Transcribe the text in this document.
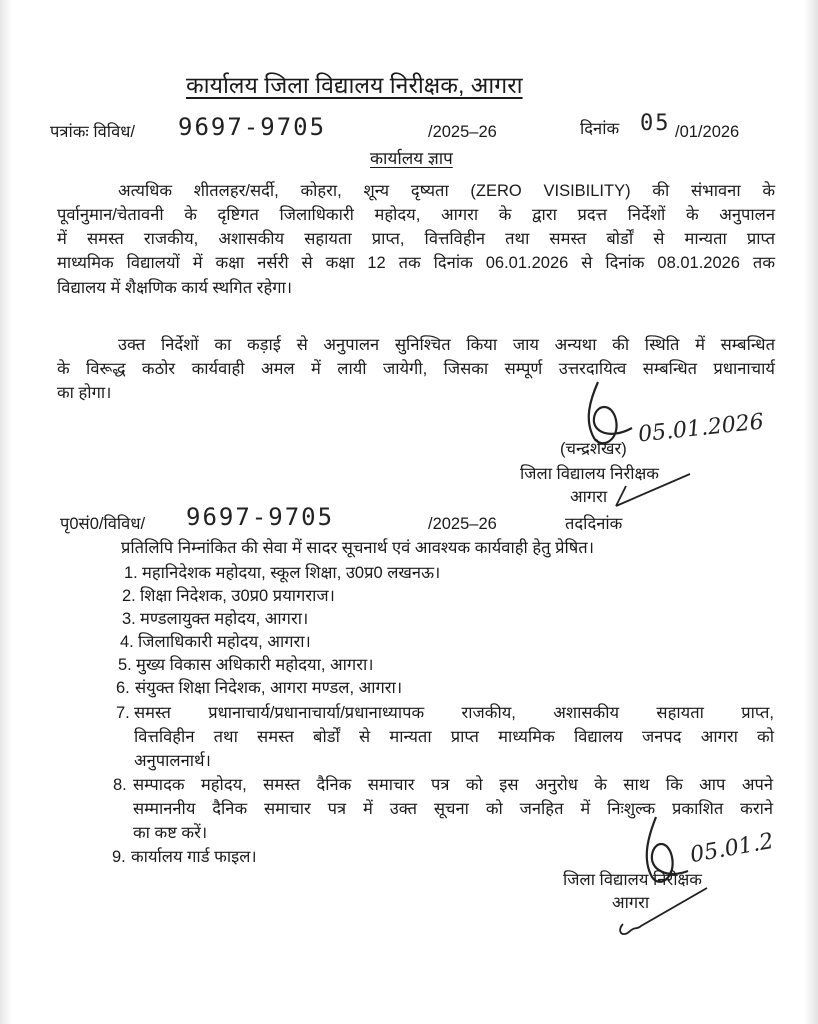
कार्यालय जिला विद्यालय निरीक्षक, आगरा
पत्रांकः विविध/ 9697-9705	/2025–26	दिनांक 05 /01/2026
कार्यालय ज्ञाप
अत्यधिक शीतलहर/सर्दी, कोहरा, शून्य दृष्यता (ZERO VISIBILITY) की संभावना के
पूर्वानुमान/चेतावनी के दृष्टिगत जिलाधिकारी महोदय, आगरा के द्वारा प्रदत्त निर्देशों के अनुपालन
में समस्त राजकीय, अशासकीय सहायता प्राप्त, वित्तविहीन तथा समस्त बोर्डों से मान्यता प्राप्त
माध्यमिक विद्यालयों में कक्षा नर्सरी से कक्षा 12 तक दिनांक 06.01.2026 से दिनांक 08.01.2026 तक
विद्यालय में शैक्षणिक कार्य स्थगित रहेगा।
उक्त निर्देशों का कड़ाई से अनुपालन सुनिश्चित किया जाय अन्यथा की स्थिति में सम्बन्धित
के विरूद्ध कठोर कार्यवाही अमल में लायी जायेगी, जिसका सम्पूर्ण उत्तरदायित्व सम्बन्धित प्रधानाचार्य
का होगा।
05.01.2026
(चन्द्रशेखर)
जिला विद्यालय निरीक्षक
आगरा
पृ0सं0/विविध/ 9697-9705	/2025–26	तददिनांक
प्रतिलिपि निम्नांकित की सेवा में सादर सूचनार्थ एवं आवश्यक कार्यवाही हेतु प्रेषित।
1. महानिदेशक महोदया, स्कूल शिक्षा, उ0प्र0 लखनऊ।
2. शिक्षा निदेशक, उ0प्र0 प्रयागराज।
3. मण्डलायुक्त महोदय, आगरा।
4. जिलाधिकारी महोदय, आगरा।
5. मुख्य विकास अधिकारी महोदया, आगरा।
6. संयुक्त शिक्षा निदेशक, आगरा मण्डल, आगरा।
7. समस्त प्रधानाचार्य/प्रधानाचार्या/प्रधानाध्यापक राजकीय, अशासकीय सहायता प्राप्त,
वित्तविहीन तथा समस्त बोर्डों से मान्यता प्राप्त माध्यमिक विद्यालय जनपद आगरा को
अनुपालनार्थ।
8. सम्पादक महोदय, समस्त दैनिक समाचार पत्र को इस अनुरोध के साथ कि आप अपने
सम्माननीय दैनिक समाचार पत्र में उक्त सूचना को जनहित में निःशुल्क प्रकाशित कराने
का कष्ट करें।
9. कार्यालय गार्ड फाइल।	05.01.2
जिला विद्यालय निरीक्षक
आगरा
